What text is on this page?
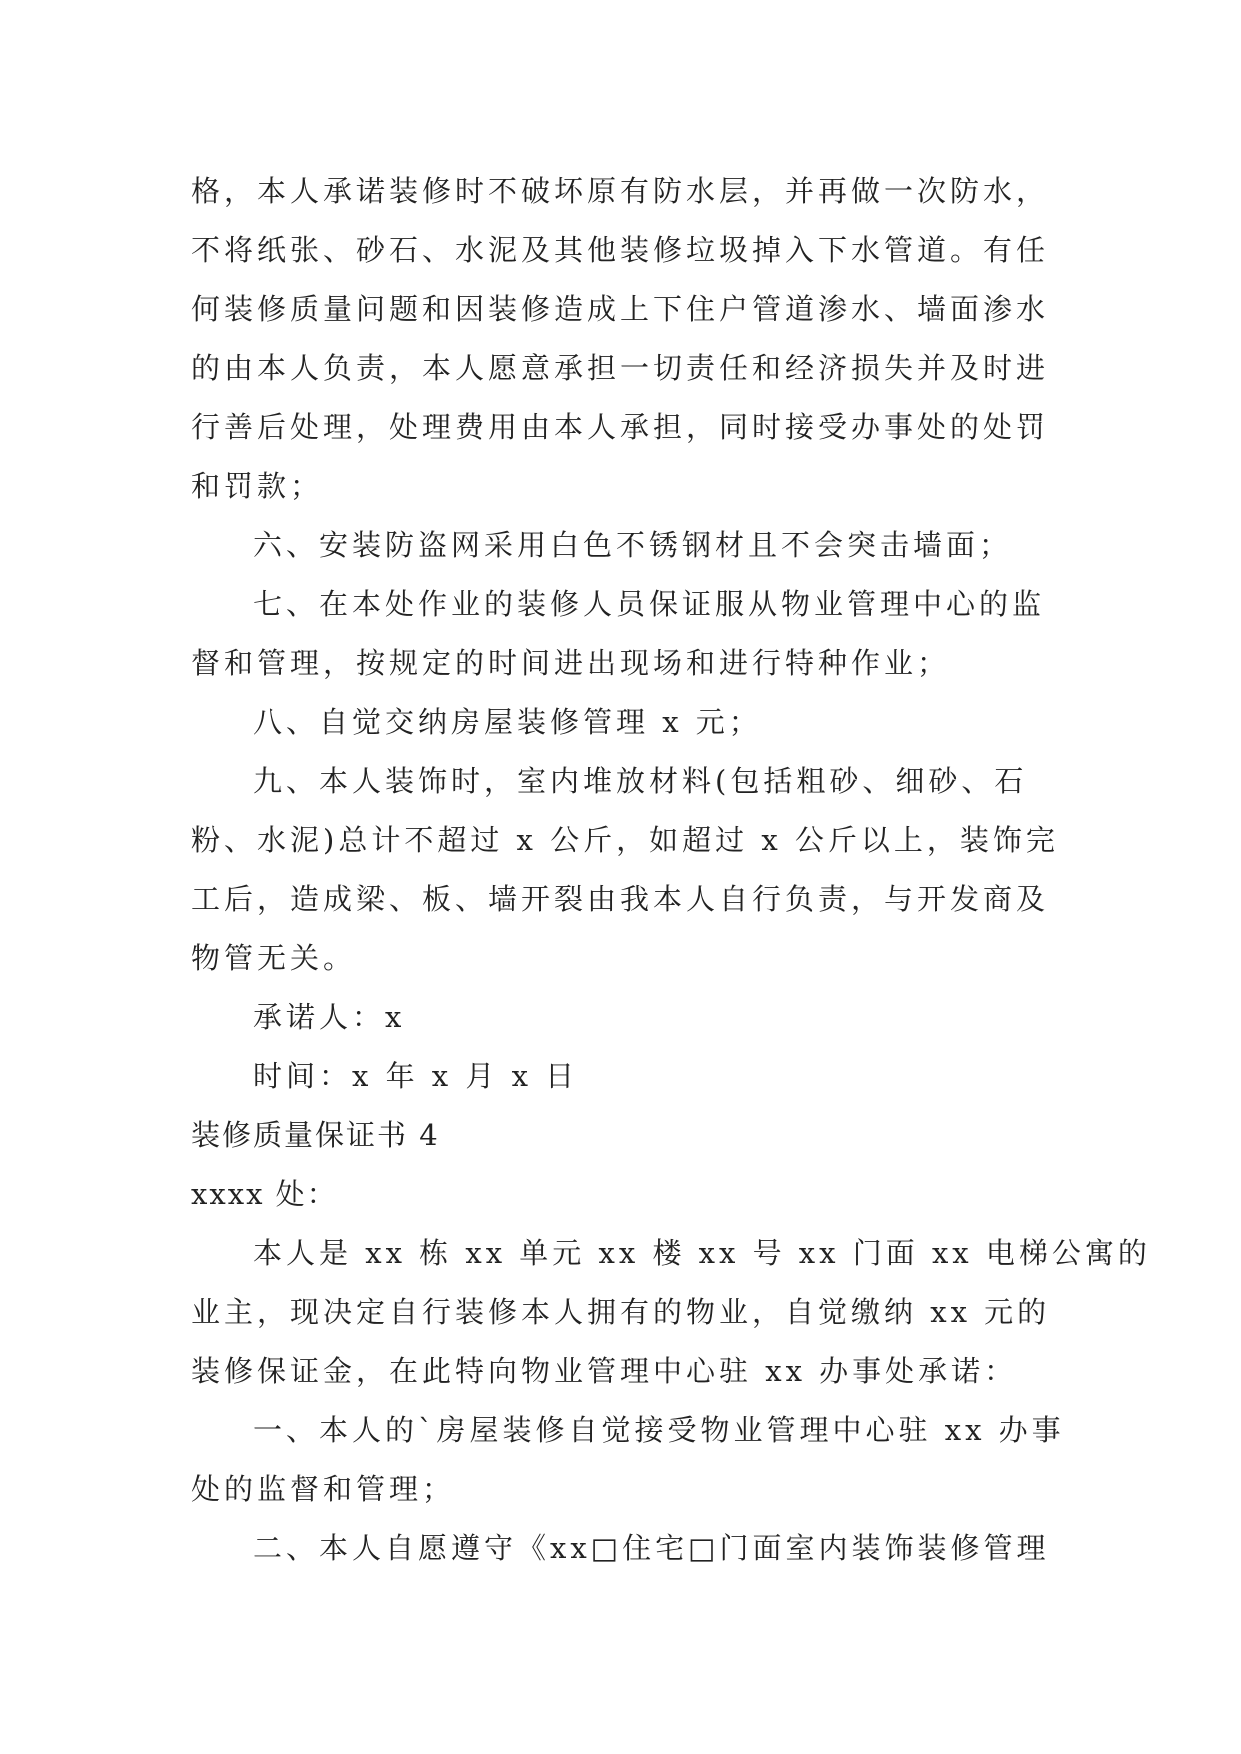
格，本人承诺装修时不破坏原有防水层，并再做一次防水，
不将纸张、砂石、水泥及其他装修垃圾掉入下水管道。有任
何装修质量问题和因装修造成上下住户管道渗水、墙面渗水
的由本人负责，本人愿意承担一切责任和经济损失并及时进
行善后处理，处理费用由本人承担，同时接受办事处的处罚
和罚款；
六、安装防盗网采用白色不锈钢材且不会突击墙面；
七、在本处作业的装修人员保证服从物业管理中心的监
督和管理，按规定的时间进出现场和进行特种作业；
八、自觉交纳房屋装修管理 x 元；
九、本人装饰时，室内堆放材料(包括粗砂、细砂、石
粉、水泥)总计不超过 x 公斤，如超过 x 公斤以上，装饰完
工后，造成梁、板、墙开裂由我本人自行负责，与开发商及
物管无关。
承诺人：x
时间：x 年 x 月 x 日
装修质量保证书 4
xxxx 处：
本人是 xx 栋 xx 单元 xx 楼 xx 号 xx 门面 xx 电梯公寓的
业主，现决定自行装修本人拥有的物业，自觉缴纳 xx 元的
装修保证金，在此特向物业管理中心驻 xx 办事处承诺：
一、本人的`房屋装修自觉接受物业管理中心驻 xx 办事
处的监督和管理；
二、本人自愿遵守《xx□住宅□门面室内装饰装修管理
